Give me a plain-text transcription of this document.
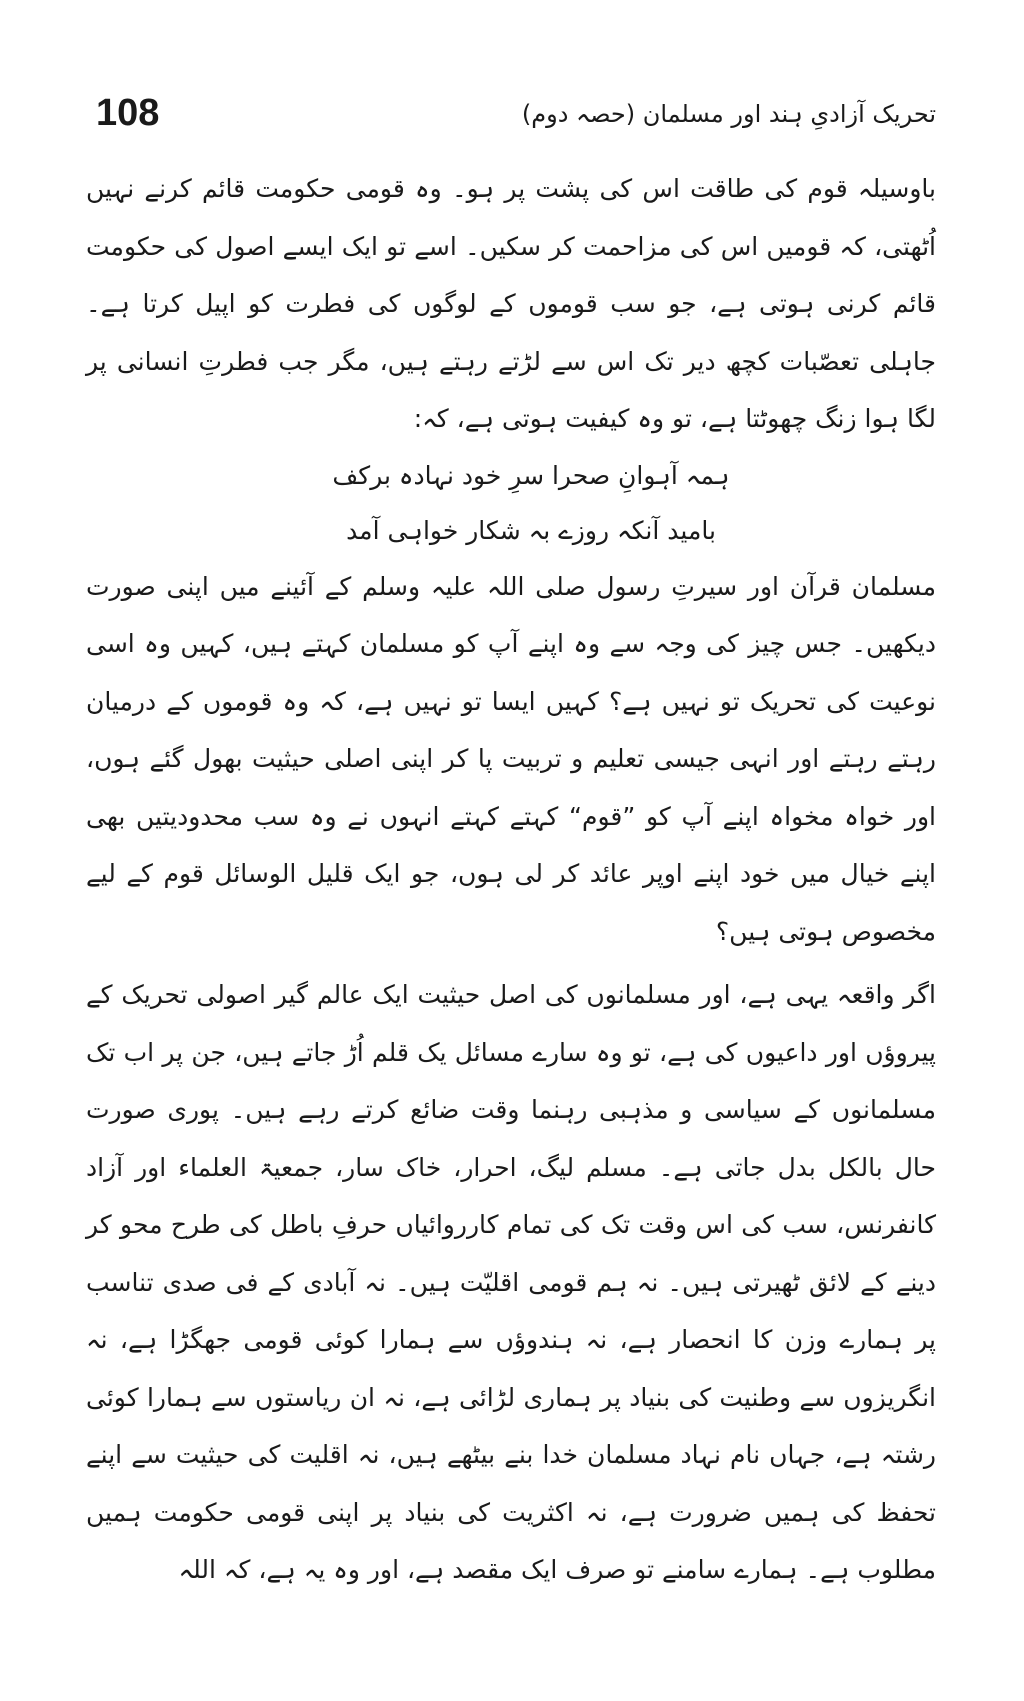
108	تحریک آزادیِ ہند اور مسلمان (حصہ دوم)

باوسیلہ قوم کی طاقت اس کی پشت پر ہو۔ وہ قومی حکومت قائم کرنے نہیں اُٹھتی، کہ قومیں اس کی مزاحمت کر سکیں۔ اسے تو ایک ایسے اصول کی حکومت قائم کرنی ہوتی ہے، جو سب قوموں کے لوگوں کی فطرت کو اپیل کرتا ہے۔ جاہلی تعصّبات کچھ دیر تک اس سے لڑتے رہتے ہیں، مگر جب فطرتِ انسانی پر لگا ہوا زنگ چھوٹتا ہے، تو وہ کیفیت ہوتی ہے، کہ:

ہمہ آہوانِ صحرا سرِ خود نہادہ برکف

بامید آنکہ روزے بہ شکار خواہی آمد

مسلمان قرآن اور سیرتِ رسول صلی اللہ علیہ وسلم کے آئینے میں اپنی صورت دیکھیں۔ جس چیز کی وجہ سے وہ اپنے آپ کو مسلمان کہتے ہیں، کہیں وہ اسی نوعیت کی تحریک تو نہیں ہے؟ کہیں ایسا تو نہیں ہے، کہ وہ قوموں کے درمیان رہتے رہتے اور انہی جیسی تعلیم و تربیت پا کر اپنی اصلی حیثیت بھول گئے ہوں، اور خواہ مخواہ اپنے آپ کو ”قوم“ کہتے کہتے انہوں نے وہ سب محدودیتیں بھی اپنے خیال میں خود اپنے اوپر عائد کر لی ہوں، جو ایک قلیل الوسائل قوم کے لیے مخصوص ہوتی ہیں؟

اگر واقعہ یہی ہے، اور مسلمانوں کی اصل حیثیت ایک عالم گیر اصولی تحریک کے پیروؤں اور داعیوں کی ہے، تو وہ سارے مسائل یک قلم اُڑ جاتے ہیں، جن پر اب تک مسلمانوں کے سیاسی و مذہبی رہنما وقت ضائع کرتے رہے ہیں۔ پوری صورت حال بالکل بدل جاتی ہے۔ مسلم لیگ، احرار، خاک سار، جمعیۃ العلماء اور آزاد کانفرنس، سب کی اس وقت تک کی تمام کارروائیاں حرفِ باطل کی طرح محو کر دینے کے لائق ٹھیرتی ہیں۔ نہ ہم قومی اقلیّت ہیں۔ نہ آبادی کے فی صدی تناسب پر ہمارے وزن کا انحصار ہے، نہ ہندوؤں سے ہمارا کوئی قومی جھگڑا ہے، نہ انگریزوں سے وطنیت کی بنیاد پر ہماری لڑائی ہے، نہ ان ریاستوں سے ہمارا کوئی رشتہ ہے، جہاں نام نہاد مسلمان خدا بنے بیٹھے ہیں، نہ اقلیت کی حیثیت سے اپنے تحفظ کی ہمیں ضرورت ہے، نہ اکثریت کی بنیاد پر اپنی قومی حکومت ہمیں مطلوب ہے۔ ہمارے سامنے تو صرف ایک مقصد ہے، اور وہ یہ ہے، کہ اللہ
